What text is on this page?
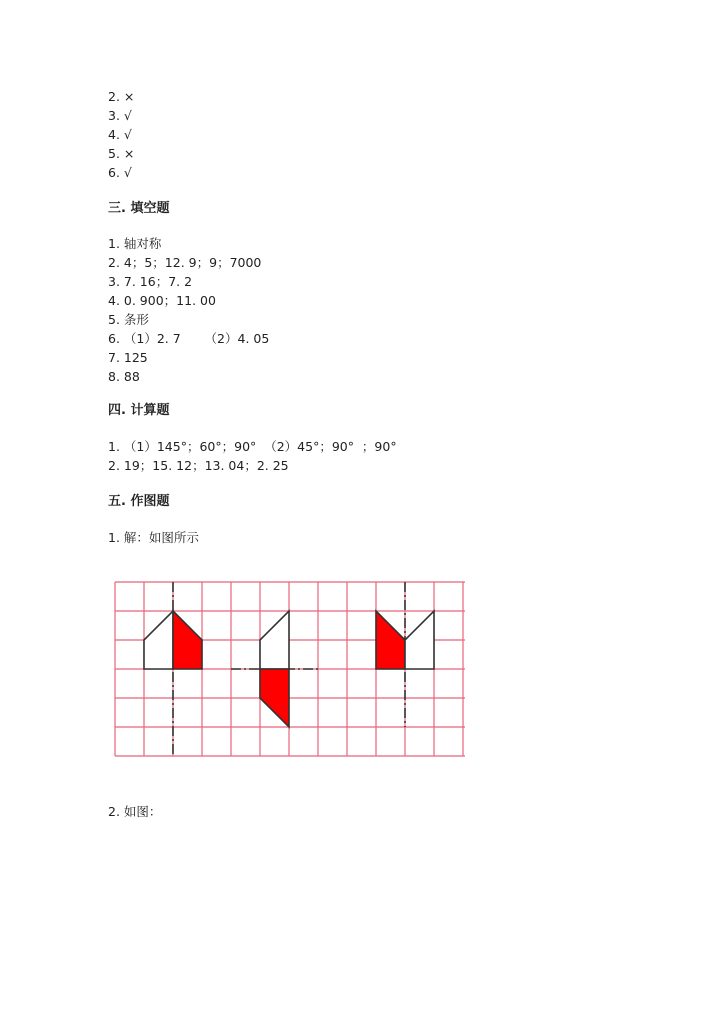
2. ×
3. √
4. √
5. ×
6. √
三. 填空题
1. 轴对称
2. 4；5；12. 9；9；7000
3. 7. 16；7. 2
4. 0. 900；11. 00
5. 条形
6. （1）2. 7      （2）4. 05
7. 125
8. 88
四. 计算题
1. （1）145°；60°；90°  （2）45°；90°  ；90°
2. 19；15. 12；13. 04；2. 25
五. 作图题
1. 解：如图所示
2. 如图：
